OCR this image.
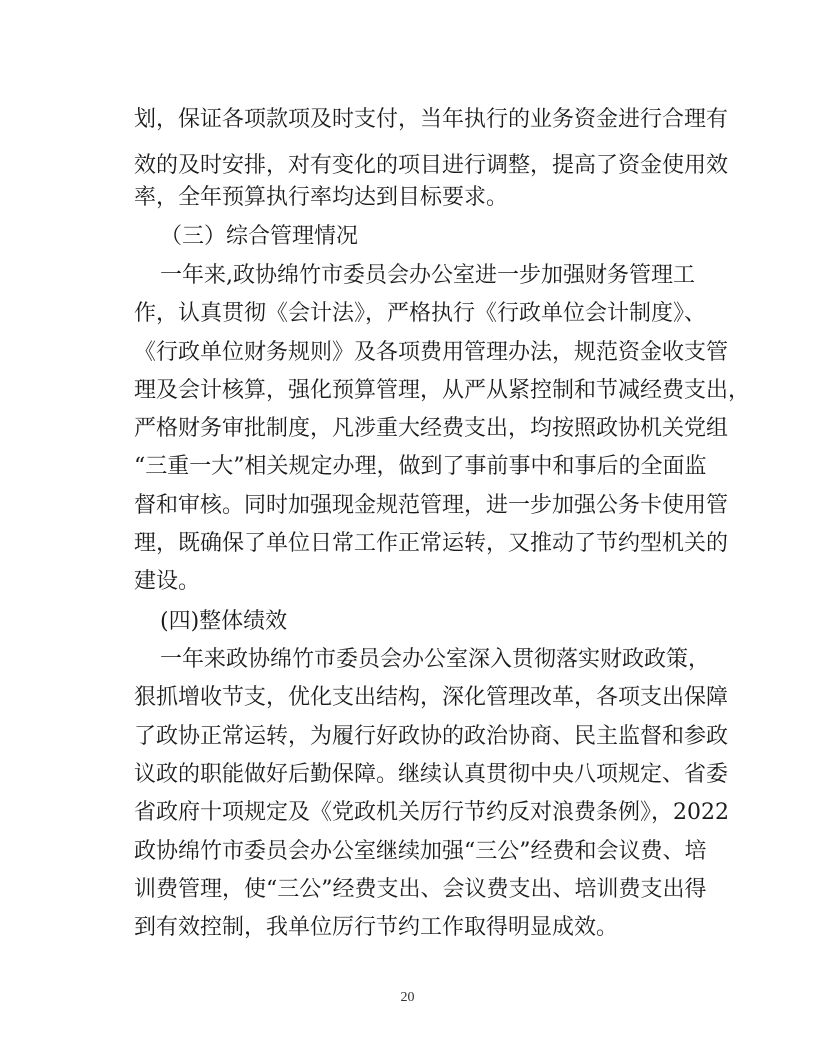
划，保证各项款项及时支付，当年执行的业务资金进行合理有
效的及时安排，对有变化的项目进行调整，提高了资金使用效
率，全年预算执行率均达到目标要求。
（三）综合管理情况
一年来,政协绵竹市委员会办公室进一步加强财务管理工
作，认真贯彻《会计法》，严格执行《行政单位会计制度》、
《行政单位财务规则》及各项费用管理办法，规范资金收支管
理及会计核算，强化预算管理，从严从紧控制和节减经费支出，
严格财务审批制度，凡涉重大经费支出，均按照政协机关党组
“三重一大”相关规定办理，做到了事前事中和事后的全面监
督和审核。同时加强现金规范管理，进一步加强公务卡使用管
理，既确保了单位日常工作正常运转，又推动了节约型机关的
建设。
(四)整体绩效
一年来政协绵竹市委员会办公室深入贯彻落实财政政策，
狠抓增收节支，优化支出结构，深化管理改革，各项支出保障
了政协正常运转，为履行好政协的政治协商、民主监督和参政
议政的职能做好后勤保障。继续认真贯彻中央八项规定、省委
省政府十项规定及《党政机关厉行节约反对浪费条例》，2022
政协绵竹市委员会办公室继续加强“三公”经费和会议费、培
训费管理，使“三公”经费支出、会议费支出、培训费支出得
到有效控制，我单位厉行节约工作取得明显成效。
20
